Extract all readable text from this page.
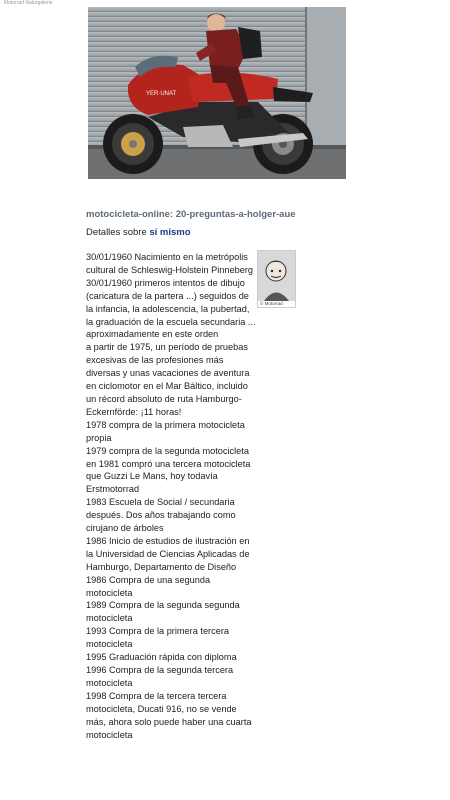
Motorrad Naturgalerie
YER·UNAT
motocicleta-online: 20-preguntas-a-holger-aue
Detalles sobre sí mismo
© Motorrad

30/01/1960 Nacimiento en la metrópolis cultural de Schleswig-Holstein Pinneberg

30/01/1960 primeros intentos de dibujo (caricatura de la partera ...) seguidos de la infancia, la adolescencia, la pubertad, la graduación de la escuela secundaria ... aproximadamente en este orden

a partir de 1975, un período de pruebas excesivas de las profesiones más diversas y unas vacaciones de aventura en ciclomotor en el Mar Báltico, incluido un récord absoluto de ruta Hamburgo-Eckernförde: ¡11 horas!

1978 compra de la primera motocicleta propia

1979 compra de la segunda motocicleta

en 1981 compró una tercera motocicleta que Guzzi Le Mans, hoy todavía Erstmotorrad

1983 Escuela de Social / secundaria después. Dos años trabajando como cirujano de árboles

1986 Inicio de estudios de ilustración en la Universidad de Ciencias Aplicadas de Hamburgo, Departamento de Diseño

1986 Compra de una segunda motocicleta

1989 Compra de la segunda segunda motocicleta

1993 Compra de la primera tercera motocicleta

1995 Graduación rápida con diploma

1996 Compra de la segunda tercera motocicleta

1998 Compra de la tercera tercera motocicleta, Ducati 916, no se vende más, ahora solo puede haber una cuarta motocicleta
